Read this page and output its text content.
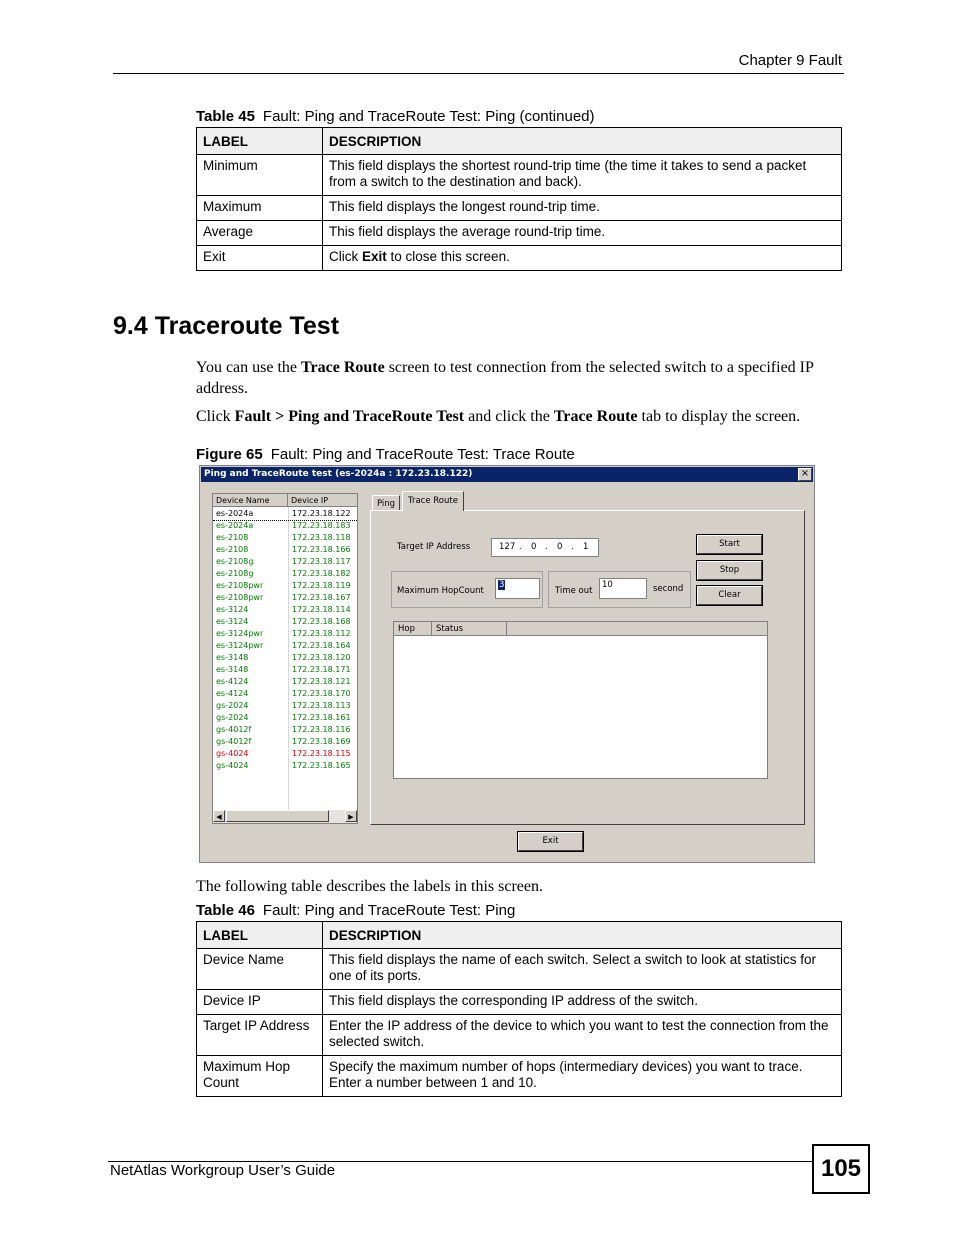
Chapter 9 Fault
Table 45 Fault: Ping and TraceRoute Test: Ping (continued)
LABEL	DESCRIPTION
Minimum	This field displays the shortest round-trip time (the time it takes to send a packet from a switch to the destination and back).
Maximum	This field displays the longest round-trip time.
Average	This field displays the average round-trip time.
Exit	Click Exit to close this screen.
9.4 Traceroute Test
You can use the Trace Route screen to test connection from the selected switch to a specified IP address.
Click Fault > Ping and TraceRoute Test and click the Trace Route tab to display the screen.
Figure 65 Fault: Ping and TraceRoute Test: Trace Route
Ping and TraceRoute test (es-2024a : 172.23.18.122)	×
Device Name	Device IP
es-2024a	172.23.18.122
es-2024a	172.23.18.183
es-2108	172.23.18.118
es-2108	172.23.18.166
es-2108g	172.23.18.117
es-2108g	172.23.18.182
es-2108pwr	172.23.18.119
es-2108pwr	172.23.18.167
es-3124	172.23.18.114
es-3124	172.23.18.168
es-3124pwr	172.23.18.112
es-3124pwr	172.23.18.164
es-3148	172.23.18.120
es-3148	172.23.18.171
es-4124	172.23.18.121
es-4124	172.23.18.170
gs-2024	172.23.18.113
gs-2024	172.23.18.161
gs-4012f	172.23.18.116
gs-4012f	172.23.18.169
gs-4024	172.23.18.115
gs-4024	172.23.18.165
◀	▶
Ping	Trace Route
Target IP Address	127 . 0 . 0 . 1
Maximum HopCount
3
Time out
10	second
Start
Stop
Clear
Hop	Status
Exit
The following table describes the labels in this screen.
Table 46 Fault: Ping and TraceRoute Test: Ping
LABEL	DESCRIPTION
Device Name	This field displays the name of each switch. Select a switch to look at statistics for one of its ports.
Device IP	This field displays the corresponding IP address of the switch.
Target IP Address	Enter the IP address of the device to which you want to test the connection from the selected switch.
Maximum Hop Count	Specify the maximum number of hops (intermediary devices) you want to trace. Enter a number between 1 and 10.
NetAtlas Workgroup User’s Guide	105
